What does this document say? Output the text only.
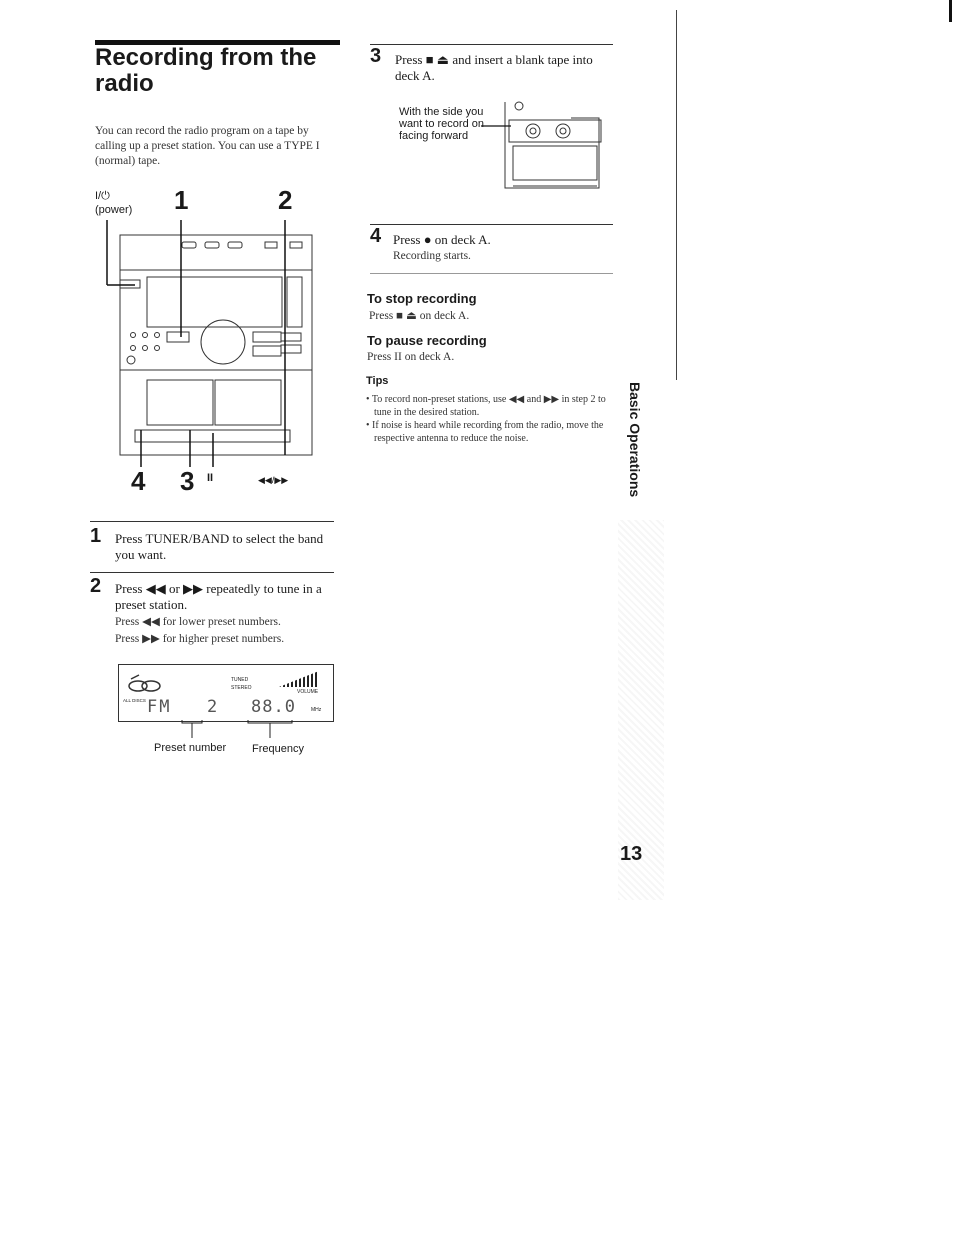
Recording from the radio
You can record the radio program on a tape by calling up a preset station. You can use a TYPE I (normal) tape.
I/⏻
(power) 1	2
4 3 II	◀◀/▶▶
1 Press TUNER/BAND to select the band you want.
2 Press ◀◀ or ▶▶ repeatedly to tune in a preset station.
Press ◀◀ for lower preset numbers.
Press ▶▶ for higher preset numbers.
TUNED
STEREO
VOLUME
ALL DISCS FM 2 88.0	MHz
Preset number Frequency
3 Press ■ ⏏ and insert a blank tape into deck A.
With the side you want to record on facing forward
4 Press ● on deck A.
Recording starts.
To stop recording
Press ■ ⏏ on deck A.
To pause recording
Press II on deck A.
Tips
• To record non-preset stations, use ◀◀ and ▶▶ in step 2 to tune in the desired station.
• If noise is heard while recording from the radio, move the respective antenna to reduce the noise.	Basic Operations
13
